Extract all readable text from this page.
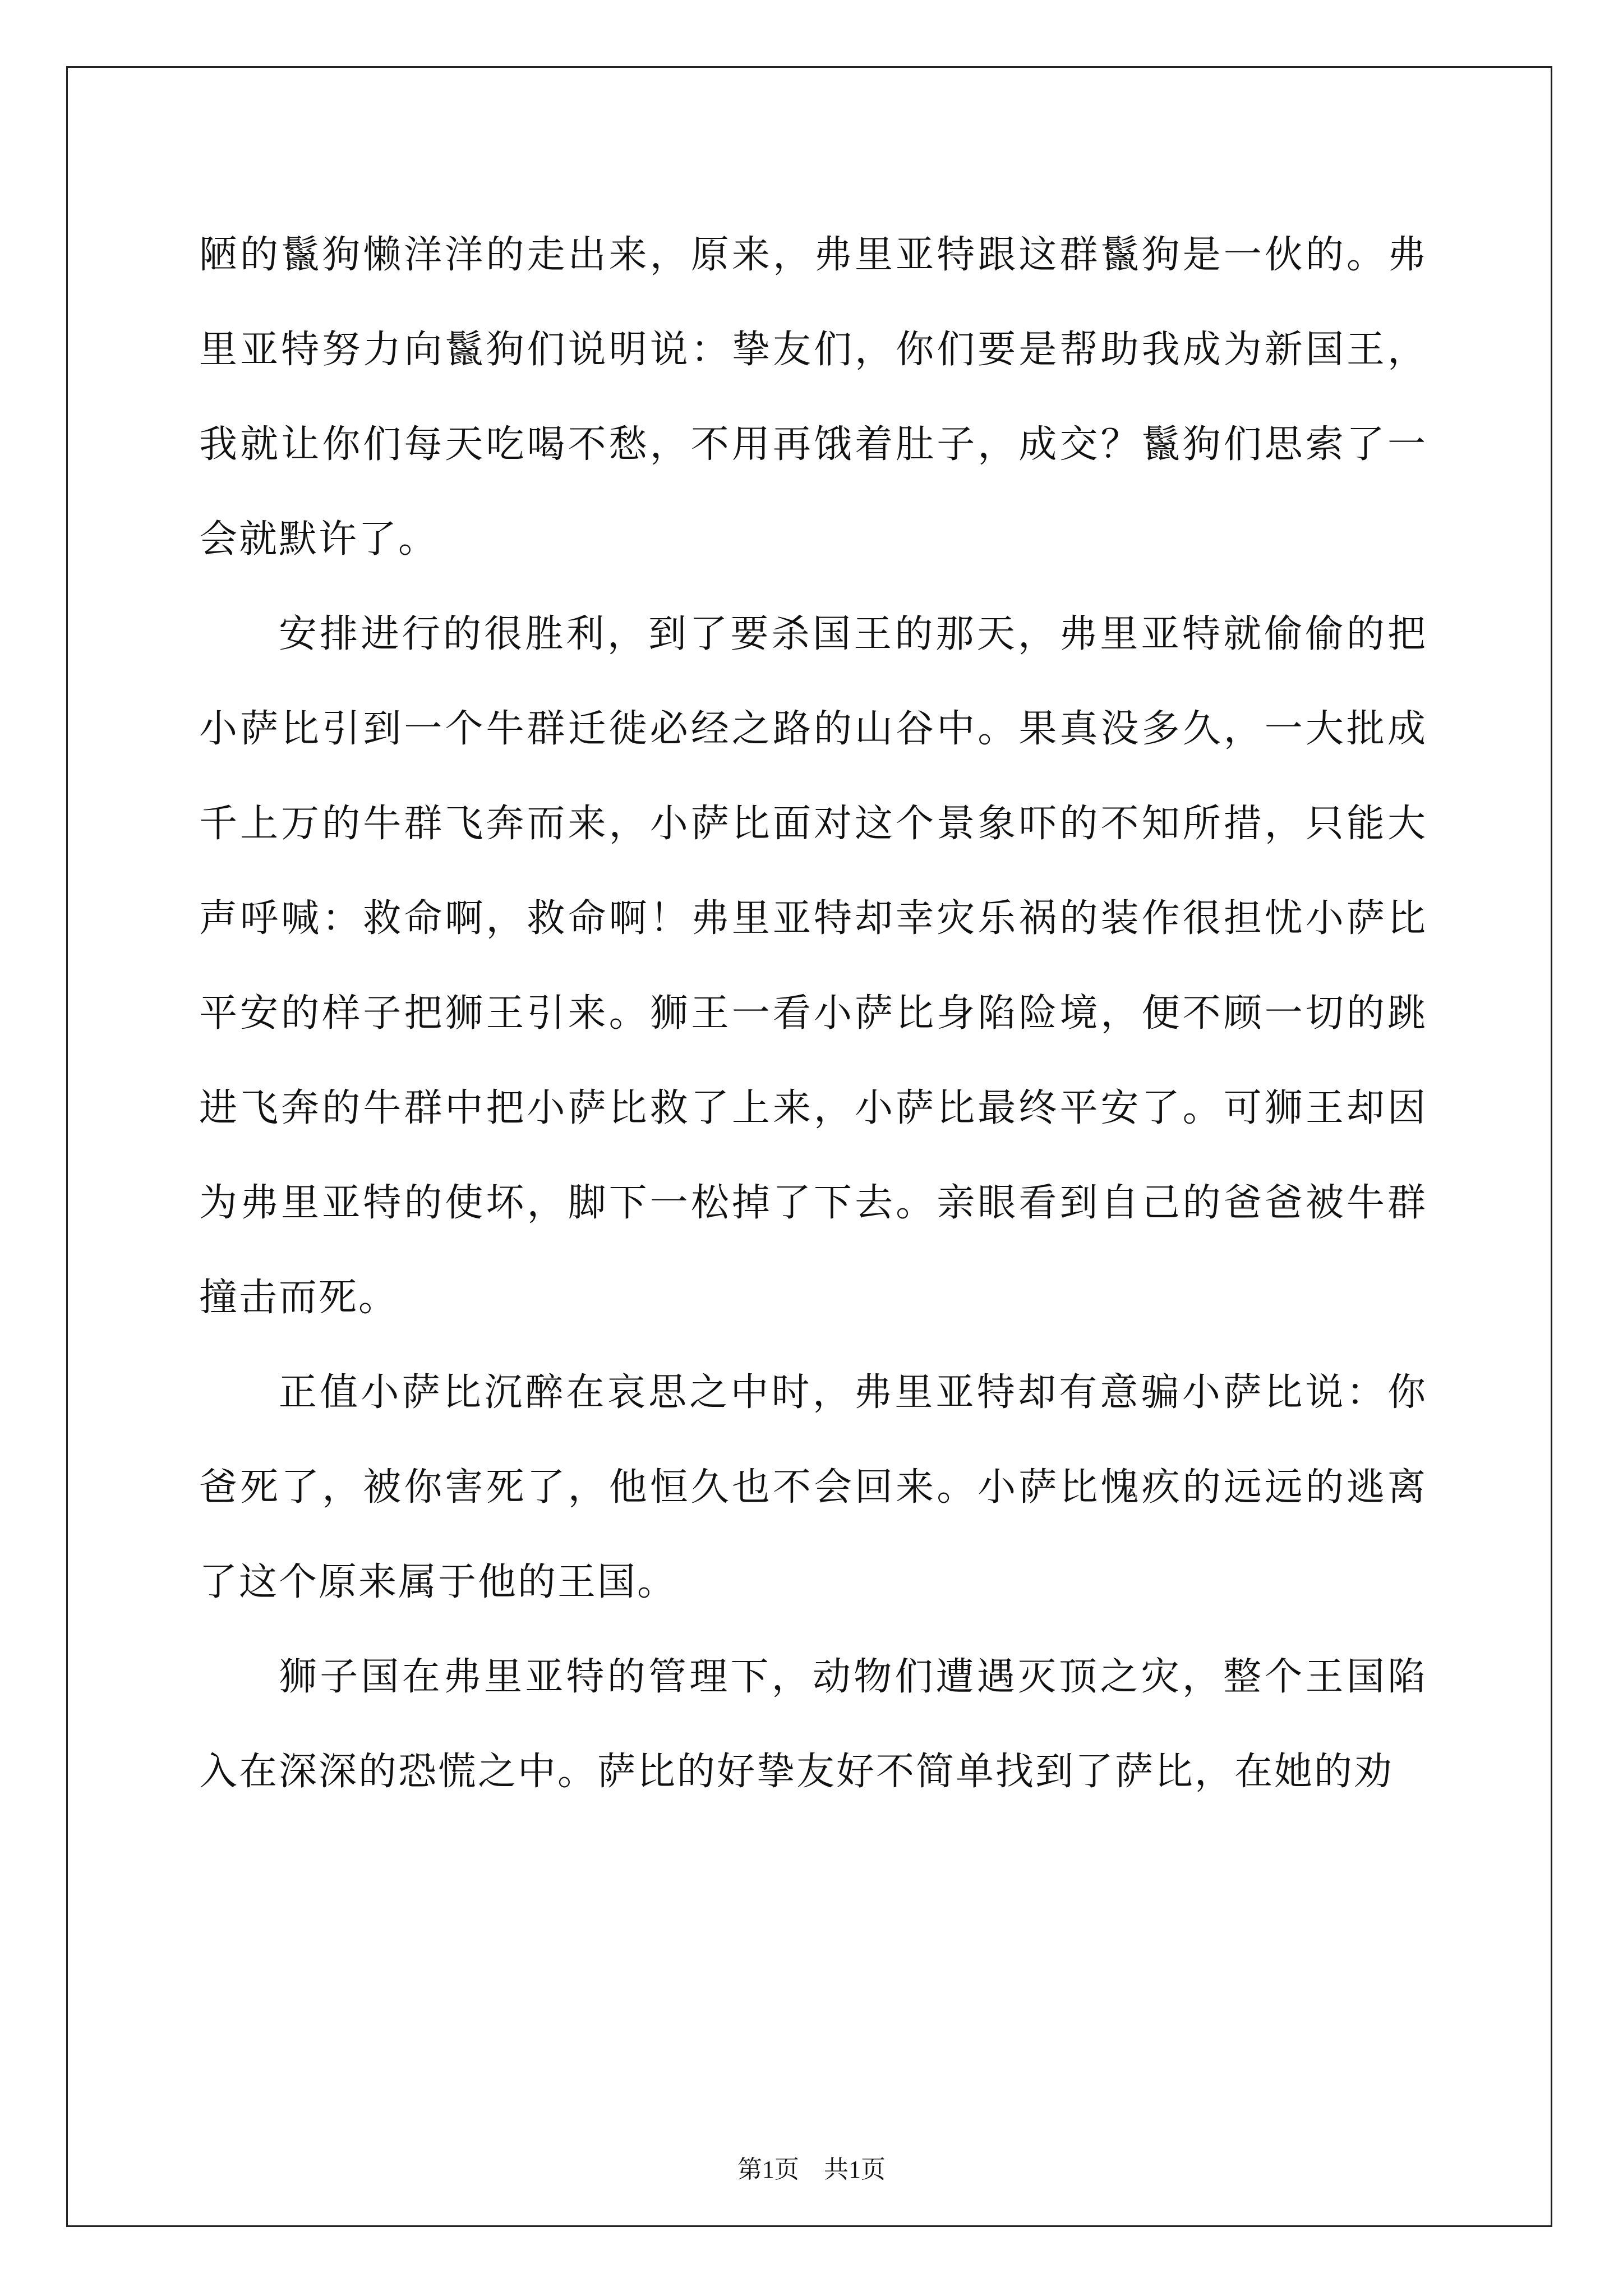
陋的鬣狗懒洋洋的走出来，原来，弗里亚特跟这群鬣狗是一伙的。弗里亚特努力向鬣狗们说明说：挚友们，你们要是帮助我成为新国王，我就让你们每天吃喝不愁，不用再饿着肚子，成交？鬣狗们思索了一会就默许了。

安排进行的很胜利，到了要杀国王的那天，弗里亚特就偷偷的把小萨比引到一个牛群迁徙必经之路的山谷中。果真没多久，一大批成千上万的牛群飞奔而来，小萨比面对这个景象吓的不知所措，只能大声呼喊：救命啊，救命啊！弗里亚特却幸灾乐祸的装作很担忧小萨比平安的样子把狮王引来。狮王一看小萨比身陷险境，便不顾一切的跳进飞奔的牛群中把小萨比救了上来，小萨比最终平安了。可狮王却因为弗里亚特的使坏，脚下一松掉了下去。亲眼看到自己的爸爸被牛群撞击而死。

正值小萨比沉醉在哀思之中时，弗里亚特却有意骗小萨比说：你爸死了，被你害死了，他恒久也不会回来。小萨比愧疚的远远的逃离了这个原来属于他的王国。

狮子国在弗里亚特的管理下，动物们遭遇灭顶之灾，整个王国陷入在深深的恐慌之中。萨比的好挚友好不简单找到了萨比，在她的劝

第1页　共1页
